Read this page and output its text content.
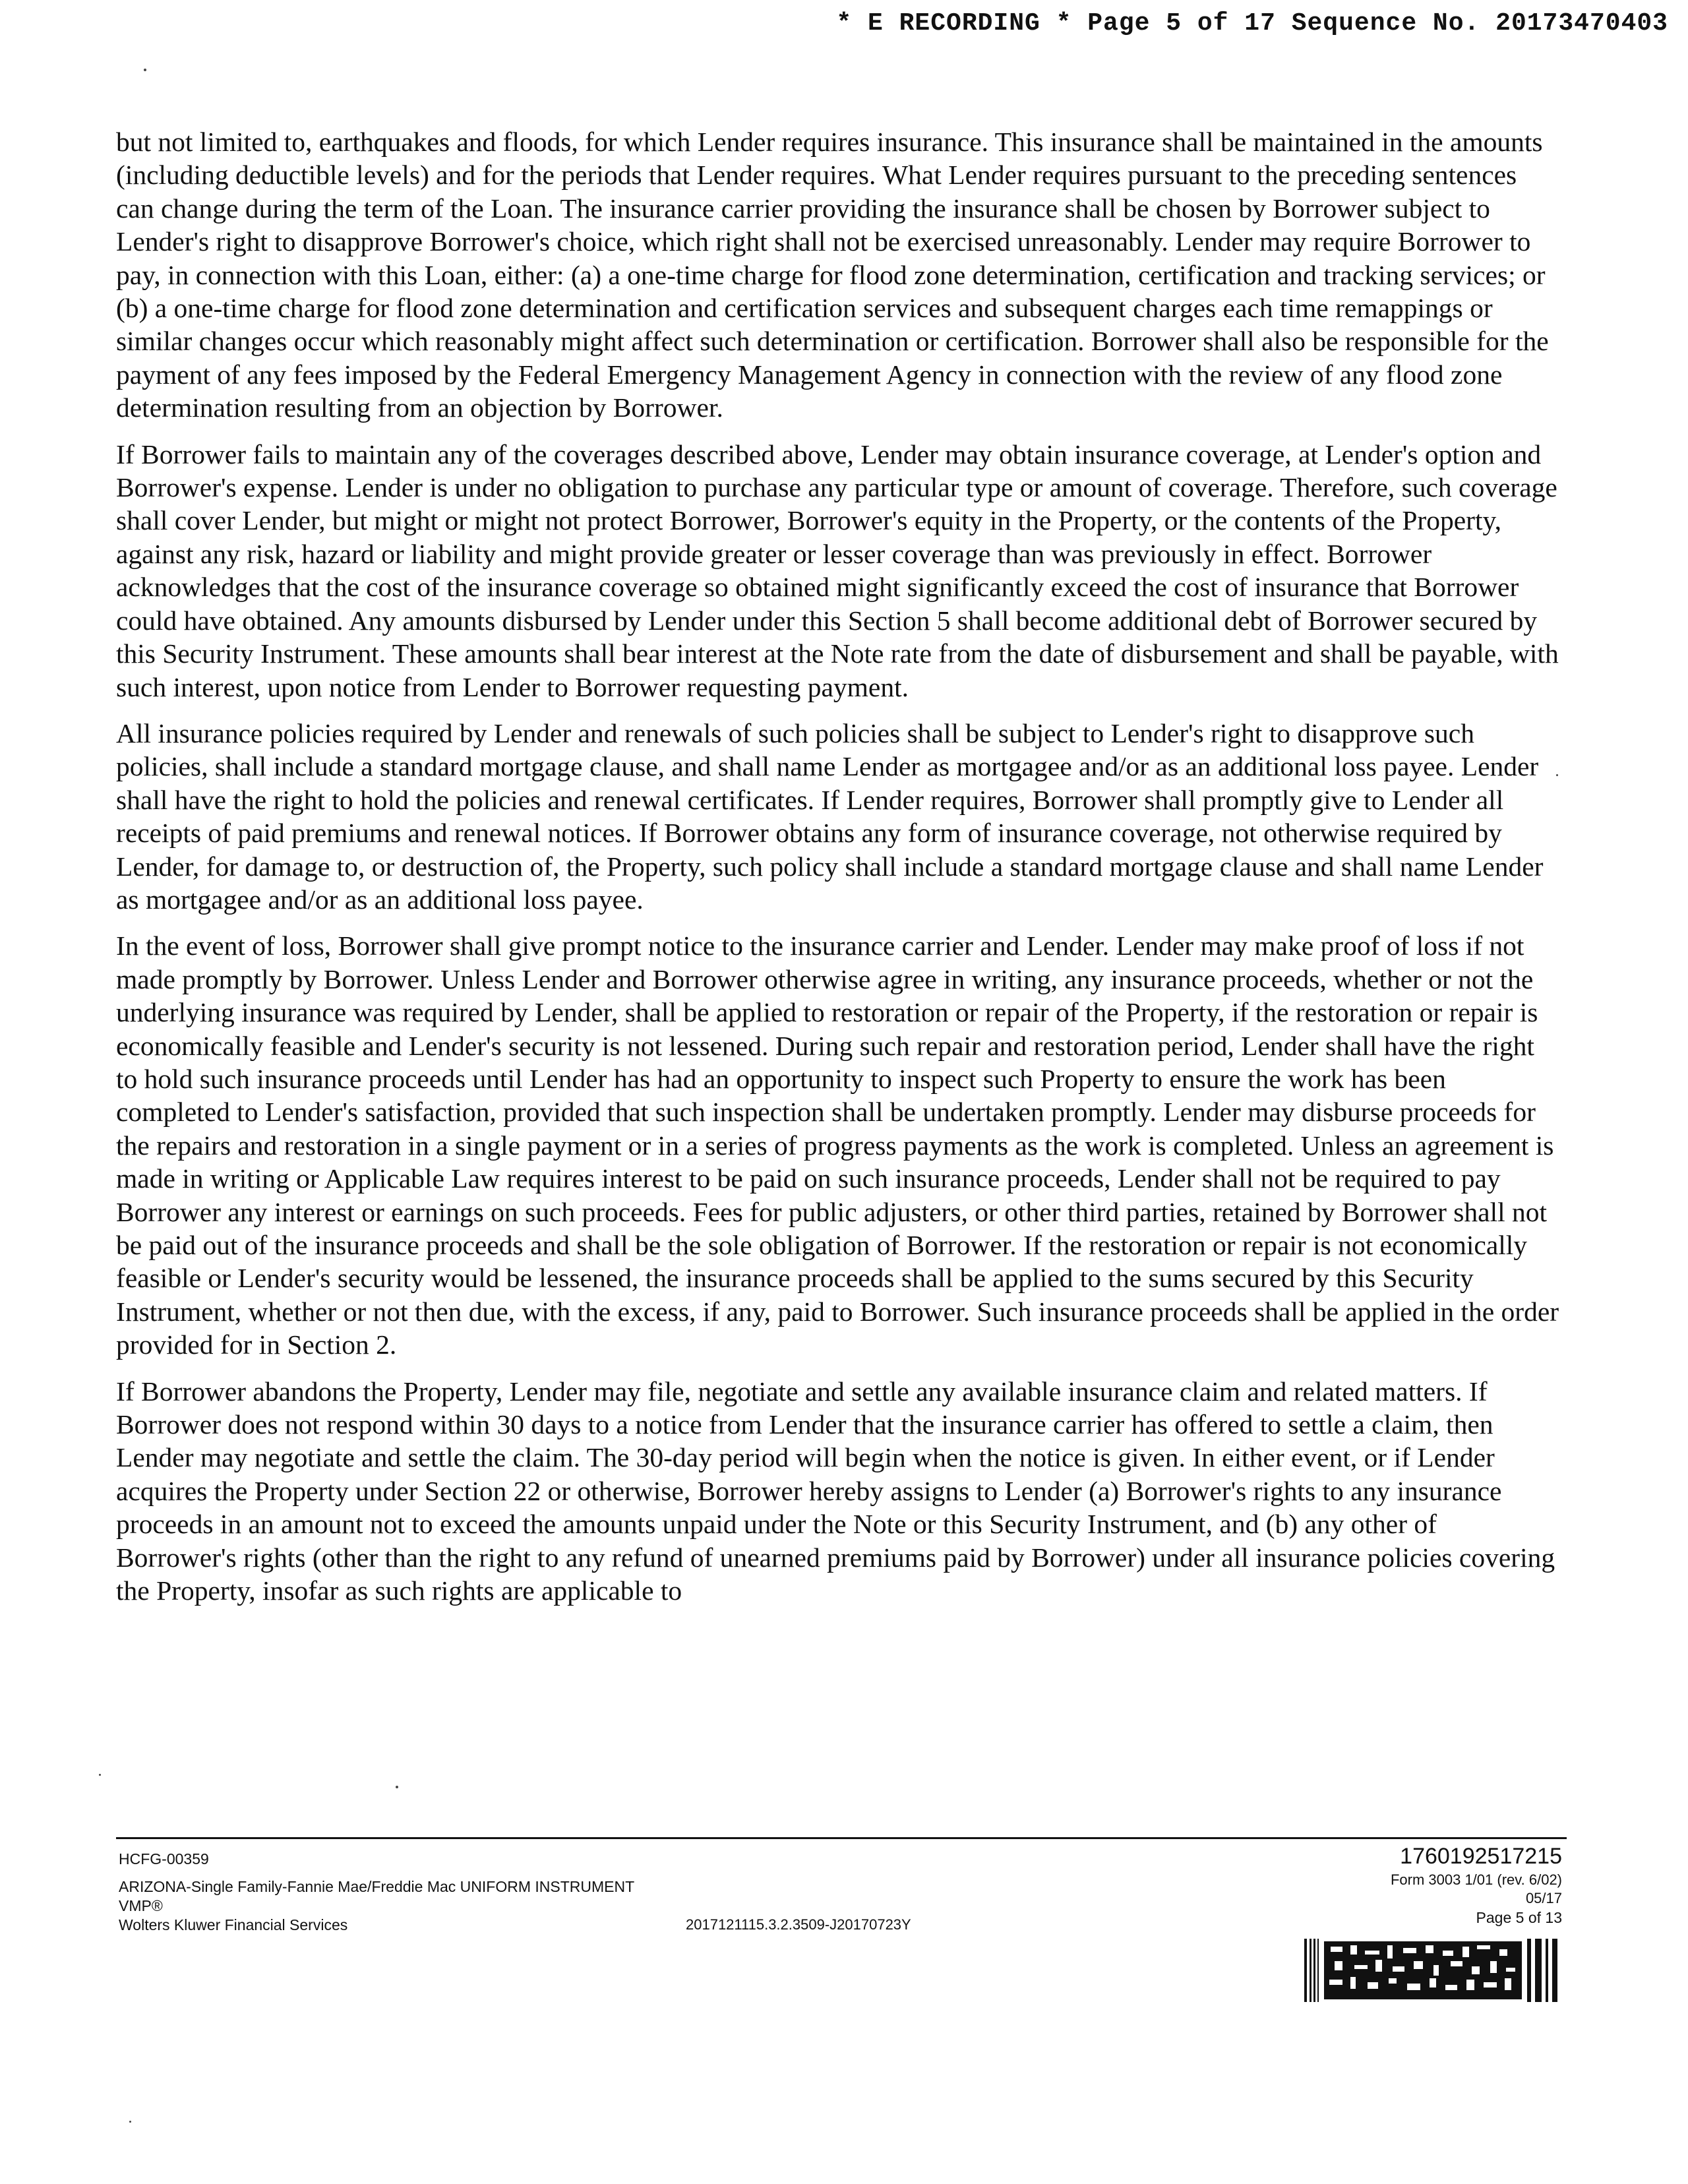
* E RECORDING * Page 5 of 17 Sequence No. 20173470403

but not limited to, earthquakes and floods, for which Lender requires insurance. This insurance shall be maintained in the amounts (including deductible levels) and for the periods that Lender requires. What Lender requires pursuant to the preceding sentences can change during the term of the Loan. The insurance carrier providing the insurance shall be chosen by Borrower subject to Lender's right to disapprove Borrower's choice, which right shall not be exercised unreasonably. Lender may require Borrower to pay, in connection with this Loan, either: (a) a one-time charge for flood zone determination, certification and tracking services; or (b) a one-time charge for flood zone determination and certification services and subsequent charges each time remappings or similar changes occur which reasonably might affect such determination or certification. Borrower shall also be responsible for the payment of any fees imposed by the Federal Emergency Management Agency in connection with the review of any flood zone determination resulting from an objection by Borrower.

If Borrower fails to maintain any of the coverages described above, Lender may obtain insurance coverage, at Lender's option and Borrower's expense. Lender is under no obligation to purchase any particular type or amount of coverage. Therefore, such coverage shall cover Lender, but might or might not protect Borrower, Borrower's equity in the Property, or the contents of the Property, against any risk, hazard or liability and might provide greater or lesser coverage than was previously in effect. Borrower acknowledges that the cost of the insurance coverage so obtained might significantly exceed the cost of insurance that Borrower could have obtained. Any amounts disbursed by Lender under this Section 5 shall become additional debt of Borrower secured by this Security Instrument. These amounts shall bear interest at the Note rate from the date of disbursement and shall be payable, with such interest, upon notice from Lender to Borrower requesting payment.

All insurance policies required by Lender and renewals of such policies shall be subject to Lender's right to disapprove such policies, shall include a standard mortgage clause, and shall name Lender as mortgagee and/or as an additional loss payee. Lender shall have the right to hold the policies and renewal certificates. If Lender requires, Borrower shall promptly give to Lender all receipts of paid premiums and renewal notices. If Borrower obtains any form of insurance coverage, not otherwise required by Lender, for damage to, or destruction of, the Property, such policy shall include a standard mortgage clause and shall name Lender as mortgagee and/or as an additional loss payee.

In the event of loss, Borrower shall give prompt notice to the insurance carrier and Lender. Lender may make proof of loss if not made promptly by Borrower. Unless Lender and Borrower otherwise agree in writing, any insurance proceeds, whether or not the underlying insurance was required by Lender, shall be applied to restoration or repair of the Property, if the restoration or repair is economically feasible and Lender's security is not lessened. During such repair and restoration period, Lender shall have the right to hold such insurance proceeds until Lender has had an opportunity to inspect such Property to ensure the work has been completed to Lender's satisfaction, provided that such inspection shall be undertaken promptly. Lender may disburse proceeds for the repairs and restoration in a single payment or in a series of progress payments as the work is completed. Unless an agreement is made in writing or Applicable Law requires interest to be paid on such insurance proceeds, Lender shall not be required to pay Borrower any interest or earnings on such proceeds. Fees for public adjusters, or other third parties, retained by Borrower shall not be paid out of the insurance proceeds and shall be the sole obligation of Borrower. If the restoration or repair is not economically feasible or Lender's security would be lessened, the insurance proceeds shall be applied to the sums secured by this Security Instrument, whether or not then due, with the excess, if any, paid to Borrower. Such insurance proceeds shall be applied in the order provided for in Section 2.

If Borrower abandons the Property, Lender may file, negotiate and settle any available insurance claim and related matters. If Borrower does not respond within 30 days to a notice from Lender that the insurance carrier has offered to settle a claim, then Lender may negotiate and settle the claim. The 30-day period will begin when the notice is given. In either event, or if Lender acquires the Property under Section 22 or otherwise, Borrower hereby assigns to Lender (a) Borrower's rights to any insurance proceeds in an amount not to exceed the amounts unpaid under the Note or this Security Instrument, and (b) any other of Borrower's rights (other than the right to any refund of unearned premiums paid by Borrower) under all insurance policies covering the Property, insofar as such rights are applicable to

HCFG-00359
ARIZONA-Single Family-Fannie Mae/Freddie Mac UNIFORM INSTRUMENT
VMP®
Wolters Kluwer Financial Services	2017121115.3.2.3509-J20170723Y
1760192517215
Form 3003 1/01 (rev. 6/02)
05/17
Page 5 of 13
